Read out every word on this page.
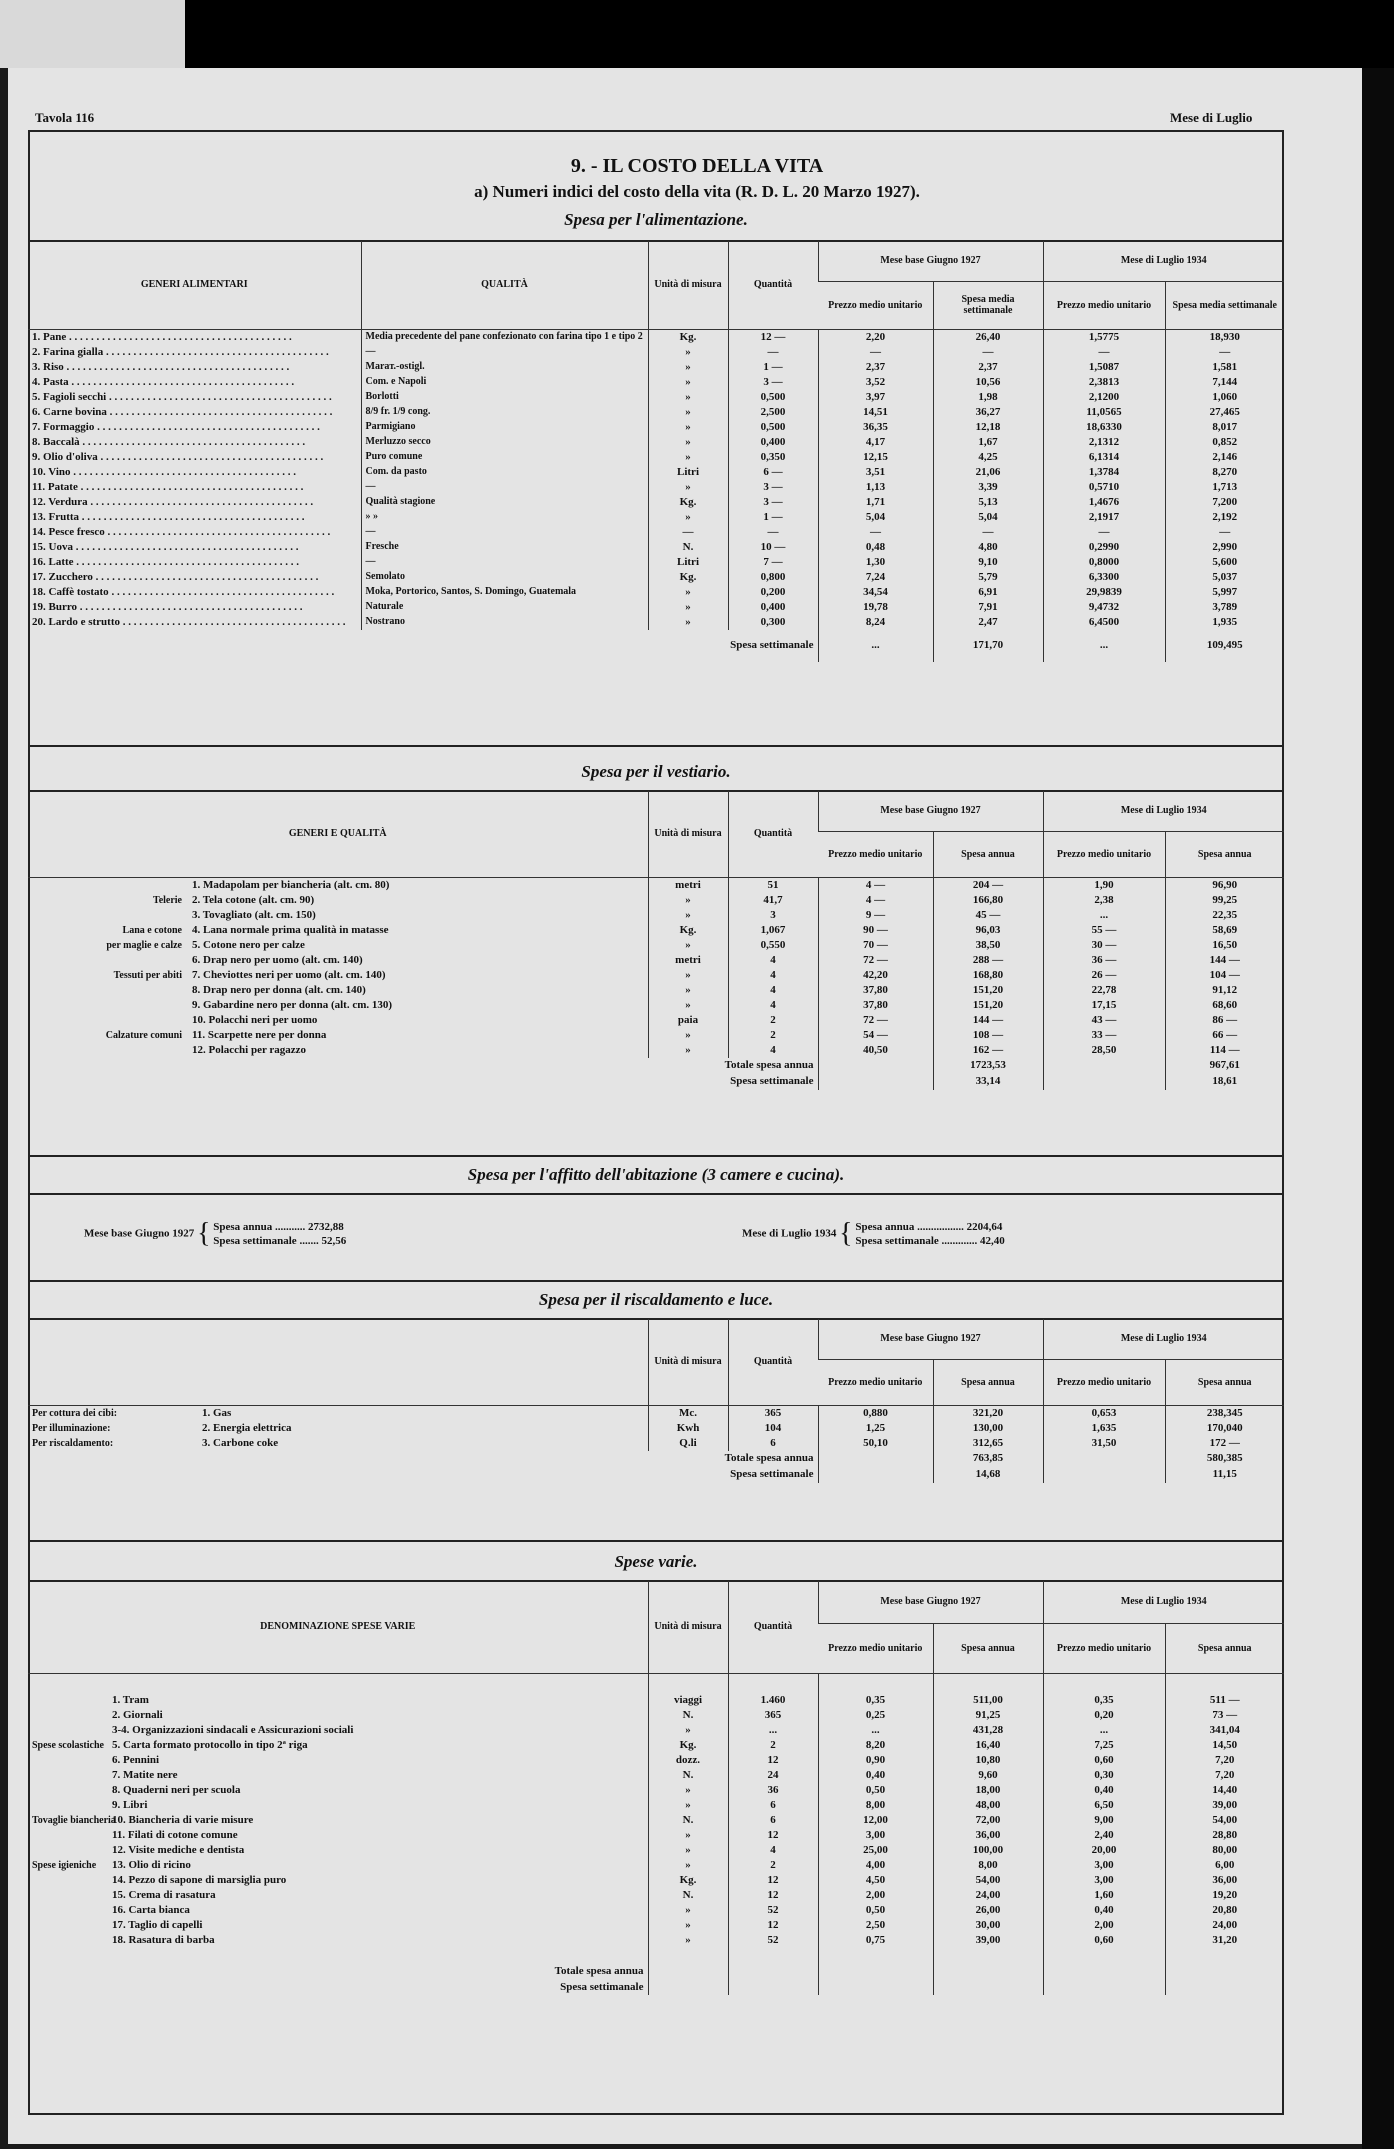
Tavola 116	Mese di Luglio
9. - IL COSTO DELLA VITA
a) Numeri indici del costo della vita (R. D. L. 20 Marzo 1927).
Spesa per l'alimentazione.
GENERI ALIMENTARI	QUALITÀ	Unità di misura	Quantità	Mese base Giugno 1927		Mese di Luglio 1934	
				Prezzo medio unitario	Spesa media settimanale	Prezzo medio unitario	Spesa media settimanale
1. Pane . . . . . . . . . . . . . . . . . . . . . . . . . . . . . . . . . . . . . . . . .	Media precedente del pane confezionato con farina tipo 1 e tipo 2	Kg.	12 —	2,20	26,40	1,5775	18,930
2. Farina gialla . . . . . . . . . . . . . . . . . . . . . . . . . . . . . . . . . . . . . . . . .	—	»	—	—	—	—	—
3. Riso . . . . . . . . . . . . . . . . . . . . . . . . . . . . . . . . . . . . . . . . .	Maraт.-ostigl.	»	1 —	2,37	2,37	1,5087	1,581
4. Pasta . . . . . . . . . . . . . . . . . . . . . . . . . . . . . . . . . . . . . . . . .	Com. e Napoli	»	3 —	3,52	10,56	2,3813	7,144
5. Fagioli secchi . . . . . . . . . . . . . . . . . . . . . . . . . . . . . . . . . . . . . . . . .	Borlotti	»	0,500	3,97	1,98	2,1200	1,060
6. Carne bovina . . . . . . . . . . . . . . . . . . . . . . . . . . . . . . . . . . . . . . . . .	8/9 fr. 1/9 cong.	»	2,500	14,51	36,27	11,0565	27,465
7. Formaggio . . . . . . . . . . . . . . . . . . . . . . . . . . . . . . . . . . . . . . . . .	Parmigiano	»	0,500	36,35	12,18	18,6330	8,017
8. Baccalà . . . . . . . . . . . . . . . . . . . . . . . . . . . . . . . . . . . . . . . . .	Merluzzo secco	»	0,400	4,17	1,67	2,1312	0,852
9. Olio d'oliva . . . . . . . . . . . . . . . . . . . . . . . . . . . . . . . . . . . . . . . . .	Puro comune	»	0,350	12,15	4,25	6,1314	2,146
10. Vino . . . . . . . . . . . . . . . . . . . . . . . . . . . . . . . . . . . . . . . . .	Com. da pasto	Litri	6 —	3,51	21,06	1,3784	8,270
11. Patate . . . . . . . . . . . . . . . . . . . . . . . . . . . . . . . . . . . . . . . . .	—	»	3 —	1,13	3,39	0,5710	1,713
12. Verdura . . . . . . . . . . . . . . . . . . . . . . . . . . . . . . . . . . . . . . . . .	Qualità stagione	Kg.	3 —	1,71	5,13	1,4676	7,200
13. Frutta . . . . . . . . . . . . . . . . . . . . . . . . . . . . . . . . . . . . . . . . .	» »	»	1 —	5,04	5,04	2,1917	2,192
14. Pesce fresco . . . . . . . . . . . . . . . . . . . . . . . . . . . . . . . . . . . . . . . . .	—	—	—	—	—	—	—
15. Uova . . . . . . . . . . . . . . . . . . . . . . . . . . . . . . . . . . . . . . . . .	Fresche	N.	10 —	0,48	4,80	0,2990	2,990
16. Latte . . . . . . . . . . . . . . . . . . . . . . . . . . . . . . . . . . . . . . . . .	—	Litri	7 —	1,30	9,10	0,8000	5,600
17. Zucchero . . . . . . . . . . . . . . . . . . . . . . . . . . . . . . . . . . . . . . . . .	Semolato	Kg.	0,800	7,24	5,79	6,3300	5,037
18. Caffè tostato . . . . . . . . . . . . . . . . . . . . . . . . . . . . . . . . . . . . . . . . .	Moka, Portorico, Santos, S. Domingo, Guatemala	»	0,200	34,54	6,91	29,9839	5,997
19. Burro . . . . . . . . . . . . . . . . . . . . . . . . . . . . . . . . . . . . . . . . .	Naturale	»	0,400	19,78	7,91	9,4732	3,789
20. Lardo e strutto . . . . . . . . . . . . . . . . . . . . . . . . . . . . . . . . . . . . . . . . .	Nostrano	»	0,300	8,24	2,47	6,4500	1,935
Spesa settimanale				...	171,70	...	109,495
Spesa per il vestiario.
GENERI E QUALITÀ	Unità di misura	Quantità	Mese base Giugno 1927		Mese di Luglio 1934	
			Prezzo medio unitario	Spesa annua	Prezzo medio unitario	Spesa annua
1. Madapolam per biancheria (alt. cm. 80)	metri	51	4 —	204 —	1,90	96,90
Telerie 2. Tela cotone (alt. cm. 90)	»	41,7	4 —	166,80	2,38	99,25
3. Tovagliato (alt. cm. 150)	»	3	9 —	45 —	...	22,35
Lana e cotone 4. Lana normale prima qualità in matasse	Kg.	1,067	90 —	96,03	55 —	58,69
per maglie e calze 5. Cotone nero per calze	»	0,550	70 —	38,50	30 —	16,50
6. Drap nero per uomo (alt. cm. 140)	metri	4	72 —	288 —	36 —	144 —
Tessuti per abiti 7. Cheviottes neri per uomo (alt. cm. 140)	»	4	42,20	168,80	26 —	104 —
8. Drap nero per donna (alt. cm. 140)	»	4	37,80	151,20	22,78	91,12
9. Gabardine nero per donna (alt. cm. 130)	»	4	37,80	151,20	17,15	68,60
10. Polacchi neri per uomo	paia	2	72 —	144 —	43 —	86 —
Calzature comuni 11. Scarpette nere per donna	»	2	54 —	108 —	33 —	66 —
12. Polacchi per ragazzo	»	4	40,50	162 —	28,50	114 —
Totale spesa annua				1723,53		967,61
Spesa settimanale				33,14		18,61
Spesa per l'affitto dell'abitazione (3 camere e cucina).
Mese base Giugno 1927 { Spesa annua ........... 2732,88
Spesa settimanale ....... 52,56
Mese di Luglio 1934 { Spesa annua ................. 2204,64
Spesa settimanale ............. 42,40
Spesa per il riscaldamento e luce.
		Unità di misura	Quantità	Mese base Giugno 1927		Mese di Luglio 1934	
				Prezzo medio unitario	Spesa annua	Prezzo medio unitario	Spesa annua
Per cottura dei cibi:	1. Gas	Mc.	365	0,880	321,20	0,653	238,345
Per illuminazione:	2. Energia elettrica	Kwh	104	1,25	130,00	1,635	170,040
Per riscaldamento:	3. Carbone coke	Q.li	6	50,10	312,65	31,50	172 —
Totale spesa annua					763,85		580,385
Spesa settimanale					14,68		11,15
Spese varie.
DENOMINAZIONE SPESE VARIE	Unità di misura	Quantità	Mese base Giugno 1927		Mese di Luglio 1934	
			Prezzo medio unitario	Spesa annua	Prezzo medio unitario	Spesa annua

1. Tram	viaggi	1.460	0,35	511,00	0,35	511 —
2. Giornali	N.	365	0,25	91,25	0,20	73 —
3-4. Organizzazioni sindacali e Assicurazioni sociali	»	...	...	431,28	...	341,04
Spese scolastiche 5. Carta formato protocollo in tipo 2ª riga	Kg.	2	8,20	16,40	7,25	14,50
6. Pennini	dozz.	12	0,90	10,80	0,60	7,20
7. Matite nere	N.	24	0,40	9,60	0,30	7,20
8. Quaderni neri per scuola	»	36	0,50	18,00	0,40	14,40
9. Libri	»	6	8,00	48,00	6,50	39,00
Tovaglie biancheria10. Biancheria di varie misure	N.	6	12,00	72,00	9,00	54,00
11. Filati di cotone comune	»	12	3,00	36,00	2,40	28,80
12. Visite mediche e dentista	»	4	25,00	100,00	20,00	80,00
Spese igieniche 13. Olio di ricino	»	2	4,00	8,00	3,00	6,00
14. Pezzo di sapone di marsiglia puro	Kg.	12	4,50	54,00	3,00	36,00
15. Crema di rasatura	N.	12	2,00	24,00	1,60	19,20
16. Carta bianca	»	52	0,50	26,00	0,40	20,80
17. Taglio di capelli	»	12	2,50	30,00	2,00	24,00
18. Rasatura di barba	»	52	0,75	39,00	0,60	31,20

Totale spesa annua						
Spesa settimanale						
